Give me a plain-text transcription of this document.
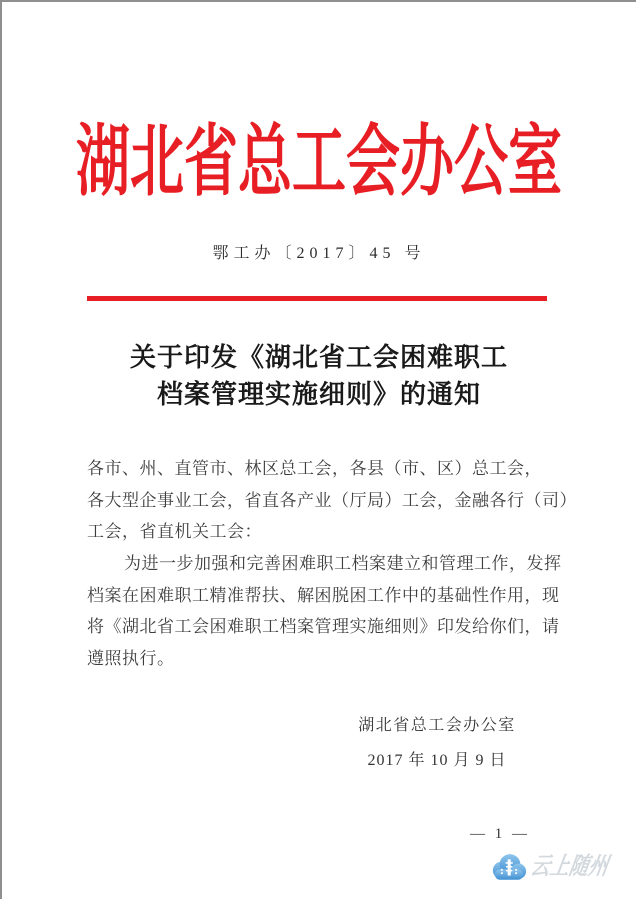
湖北省总工会办公室
鄂工办〔2017〕45 号
关于印发《湖北省工会困难职工
档案管理实施细则》的通知
各市、州、直管市、林区总工会，各县（市、区）总工会，
各大型企事业工会，省直各产业（厅局）工会，金融各行（司）
工会，省直机关工会：
为进一步加强和完善困难职工档案建立和管理工作，发挥
档案在困难职工精准帮扶、解困脱困工作中的基础性作用，现
将《湖北省工会困难职工档案管理实施细则》印发给你们，请
遵照执行。
湖北省总工会办公室
2017 年 10 月 9 日
— 1 —
云上随州
